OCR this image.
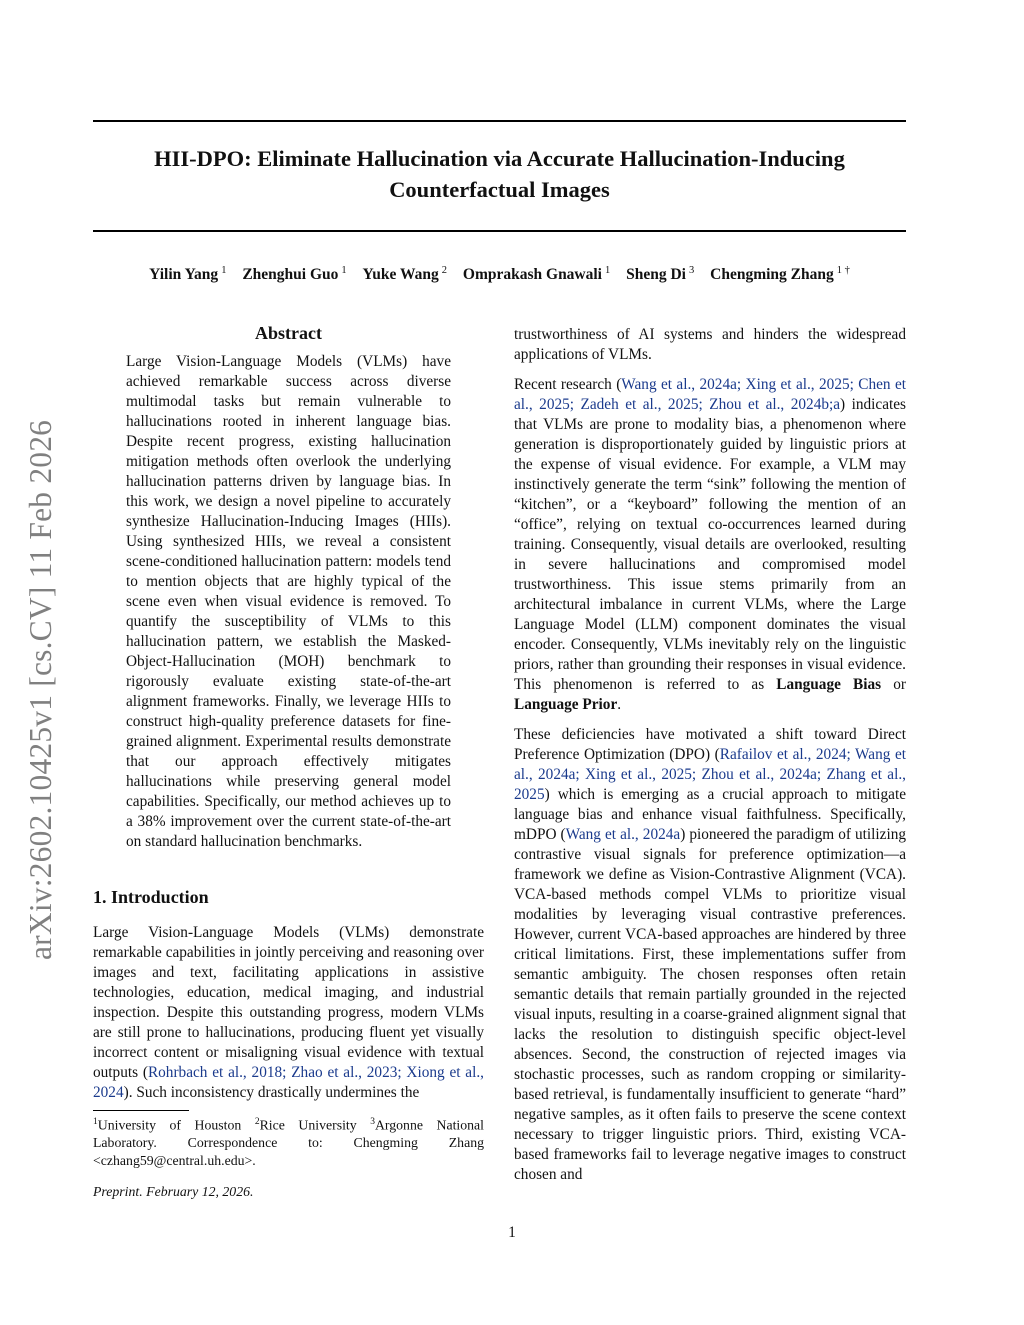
HII-DPO: Eliminate Hallucination via Accurate Hallucination-Inducing Counterfactual Images
Yilin Yang $^1$ Zhenghui Guo $^1$ Yuke Wang $^2$ Omprakash Gnawali $^1$ Sheng Di $^3$ Chengming Zhang $^{1 \dagger}$
arXiv:2602.10425v1 [cs.CV] 11 Feb 2026
Abstract

Large Vision-Language Models (VLMs) have achieved remarkable success across diverse multimodal tasks but remain vulnerable to hallucinations rooted in inherent language bias. Despite recent progress, existing hallucination mitigation methods often overlook the underlying hallucination patterns driven by language bias. In this work, we design a novel pipeline to accurately synthesize Hallucination-Inducing Images (HIIs). Using synthesized HIIs, we reveal a consistent scene-conditioned hallucination pattern: models tend to mention objects that are highly typical of the scene even when visual evidence is removed. To quantify the susceptibility of VLMs to this hallucination pattern, we establish the Masked-Object-Hallucination (MOH) benchmark to rigorously evaluate existing state-of-the-art alignment frameworks. Finally, we leverage HIIs to construct high-quality preference datasets for fine-grained alignment. Experimental results demonstrate that our approach effectively mitigates hallucinations while preserving general model capabilities. Specifically, our method achieves up to a 38% improvement over the current state-of-the-art on standard hallucination benchmarks.

1. Introduction

Large Vision-Language Models (VLMs) demonstrate remarkable capabilities in jointly perceiving and reasoning over images and text, facilitating applications in assistive technologies, education, medical imaging, and industrial inspection. Despite this outstanding progress, modern VLMs are still prone to hallucinations, producing fluent yet visually incorrect content or misaligning visual evidence with textual outputs (Rohrbach et al., 2018; Zhao et al., 2023; Xiong et al., 2024). Such inconsistency drastically undermines the

$^1$University of Houston $^2$Rice University $^3$Argonne National Laboratory. Correspondence to: Chengming Zhang <czhang59@central.uh.edu>.

Preprint. February 12, 2026.

trustworthiness of AI systems and hinders the widespread applications of VLMs.

Recent research (Wang et al., 2024a; Xing et al., 2025; Chen et al., 2025; Zadeh et al., 2025; Zhou et al., 2024b;a) indicates that VLMs are prone to modality bias, a phenomenon where generation is disproportionately guided by linguistic priors at the expense of visual evidence. For example, a VLM may instinctively generate the term “sink” following the mention of “kitchen”, or a “keyboard” following the mention of an “office”, relying on textual co-occurrences learned during training. Consequently, visual details are overlooked, resulting in severe hallucinations and compromised model trustworthiness. This issue stems primarily from an architectural imbalance in current VLMs, where the Large Language Model (LLM) component dominates the visual encoder. Consequently, VLMs inevitably rely on the linguistic priors, rather than grounding their responses in visual evidence. This phenomenon is referred to as Language Bias or Language Prior.

These deficiencies have motivated a shift toward Direct Preference Optimization (DPO) (Rafailov et al., 2024; Wang et al., 2024a; Xing et al., 2025; Zhou et al., 2024a; Zhang et al., 2025) which is emerging as a crucial approach to mitigate language bias and enhance visual faithfulness. Specifically, mDPO (Wang et al., 2024a) pioneered the paradigm of utilizing contrastive visual signals for preference optimization—a framework we define as Vision-Contrastive Alignment (VCA). VCA-based methods compel VLMs to prioritize visual modalities by leveraging visual contrastive preferences. However, current VCA-based approaches are hindered by three critical limitations. First, these implementations suffer from semantic ambiguity. The chosen responses often retain semantic details that remain partially grounded in the rejected visual inputs, resulting in a coarse-grained alignment signal that lacks the resolution to distinguish specific object-level absences. Second, the construction of rejected images via stochastic processes, such as random cropping or similarity-based retrieval, is fundamentally insufficient to generate “hard” negative samples, as it often fails to preserve the scene context necessary to trigger linguistic priors. Third, existing VCA-based frameworks fail to leverage negative images to construct chosen and

1
